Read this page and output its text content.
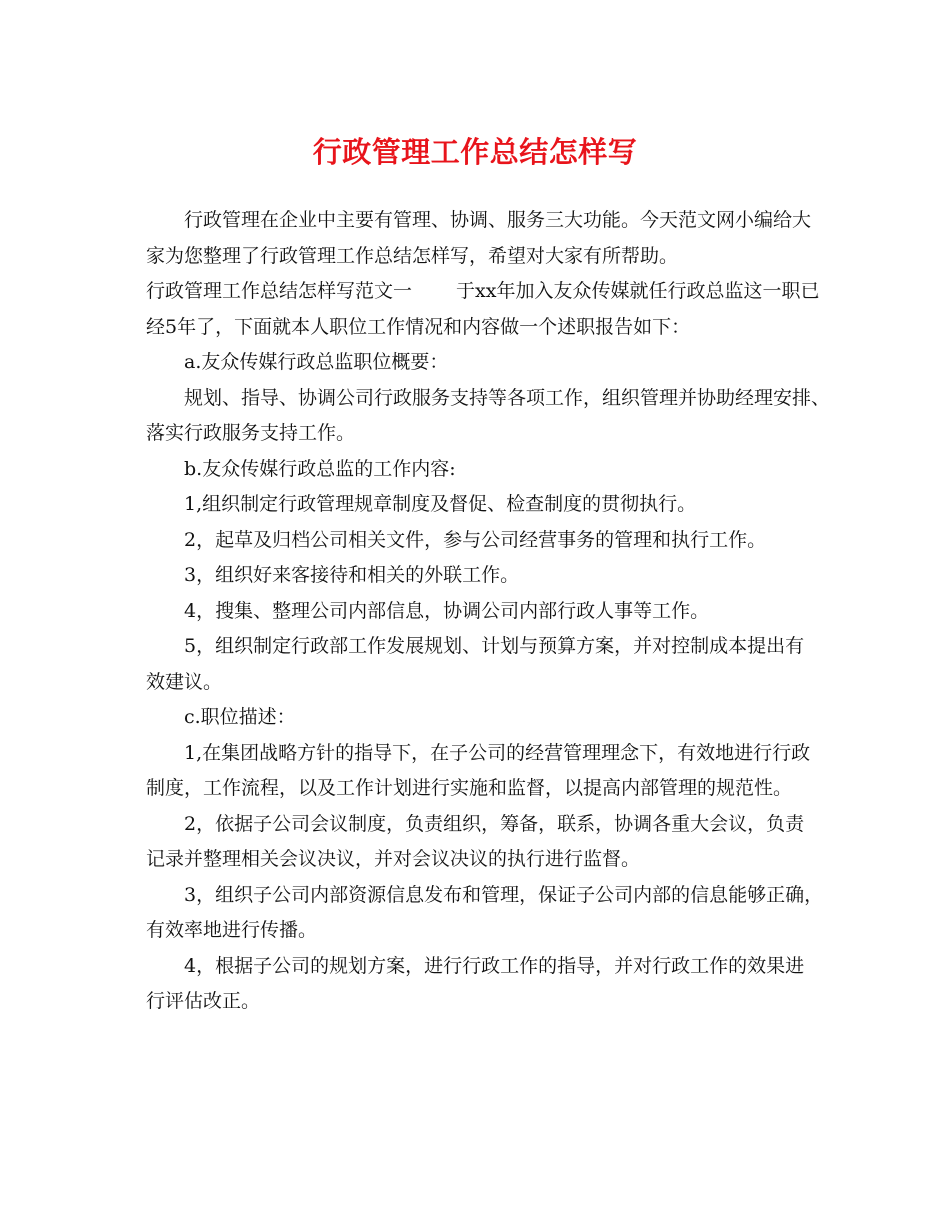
行政管理工作总结怎样写
行政管理在企业中主要有管理、协调、服务三大功能。今天范文网小编给大
家为您整理了行政管理工作总结怎样写，希望对大家有所帮助。
行政管理工作总结怎样写范文一 于xx年加入友众传媒就任行政总监这一职已
经5年了，下面就本人职位工作情况和内容做一个述职报告如下：
a.友众传媒行政总监职位概要：
规划、指导、协调公司行政服务支持等各项工作，组织管理并协助经理安排、
落实行政服务支持工作。
b.友众传媒行政总监的工作内容:
1,组织制定行政管理规章制度及督促、检查制度的贯彻执行。
2，起草及归档公司相关文件，参与公司经营事务的管理和执行工作。
3，组织好来客接待和相关的外联工作。
4，搜集、整理公司内部信息，协调公司内部行政人事等工作。
5，组织制定行政部工作发展规划、计划与预算方案，并对控制成本提出有
效建议。
c.职位描述：
1,在集团战略方针的指导下，在子公司的经营管理理念下，有效地进行行政
制度，工作流程，以及工作计划进行实施和监督，以提高内部管理的规范性。
2，依据子公司会议制度，负责组织，筹备，联系，协调各重大会议，负责
记录并整理相关会议决议，并对会议决议的执行进行监督。
3，组织子公司内部资源信息发布和管理，保证子公司内部的信息能够正确，
有效率地进行传播。
4，根据子公司的规划方案，进行行政工作的指导，并对行政工作的效果进
行评估改正。
